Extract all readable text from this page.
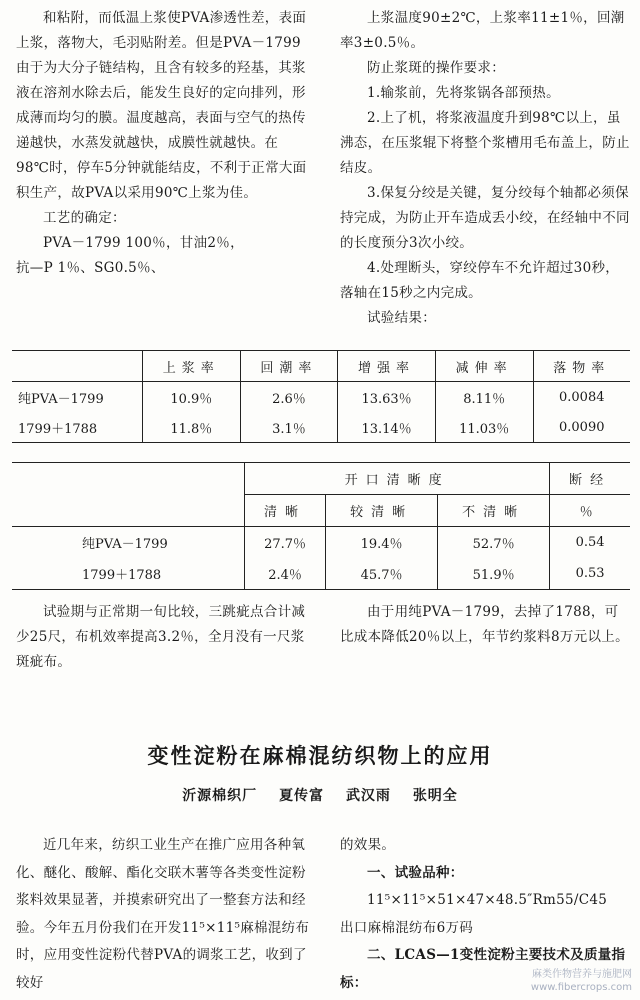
和粘附，而低温上浆使PVA渗透性差，表面上浆，落物大，毛羽贴附差。但是PVA－1799由于为大分子链结构，且含有较多的羟基，其浆液在溶剂水除去后，能发生良好的定向排列，形成薄而均匀的膜。温度越高，表面与空气的热传递越快，水蒸发就越快，成膜性就越快。在98℃时，停车5分钟就能结皮，不利于正常大面积生产，故PVA以采用90℃上浆为佳。

工艺的确定：

PVA－1799 100％，甘油2％，

抗—P 1％、SG0.5％、

上浆温度90±2℃，上浆率11±1％，回潮率3±0.5％。

防止浆斑的操作要求：

1.输浆前，先将浆锅各部预热。

2.上了机，将浆液温度升到98℃以上，虽沸态，在压浆辊下将整个浆槽用毛布盖上，防止结皮。

3.保复分绞是关键，复分绞每个轴都必须保持完成，为防止开车造成丢小绞，在经轴中不同的长度预分3次小绞。

4.处理断头，穿绞停车不允许超过30秒，落轴在15秒之内完成。

试验结果：

	上浆率	回潮率	增强率	减伸率	落物率
纯PVA－1799	10.9％	2.6％	13.63％	8.11％	0.0084
1799＋1788	11.8％	3.1％	13.14％	11.03％	0.0090
	开口清晰度			断经
	清晰	较清晰	不清晰	％
纯PVA－1799	27.7％	19.4％	52.7％	0.54
1799＋1788	2.4％	45.7％	51.9％	0.53

试验期与正常期一旬比较，三跳疵点合计减少25尺，布机效率提高3.2％，全月没有一尺浆斑疵布。

由于用纯PVA－1799，去掉了1788，可比成本降低20％以上，年节约浆料8万元以上。

变性淀粉在麻棉混纺织物上的应用
沂源棉织厂 夏传富 武汉雨 张明全

近几年来，纺织工业生产在推广应用各种氧化、醚化、酸解、酯化交联木薯等各类变性淀粉浆料效果显著，并摸索研究出了一整套方法和经验。今年五月份我们在开发11⁵×11⁵麻棉混纺布时，应用变性淀粉代替PVA的调浆工艺，收到了较好

的效果。

一、试验品种：

11⁵×11⁵×51×47×48.5″Rm55/C45

出口麻棉混纺布6万码

二、LCAS—1变性淀粉主要技术及质量指标：	麻类作物营养与施肥网
www.fibercrops.com
